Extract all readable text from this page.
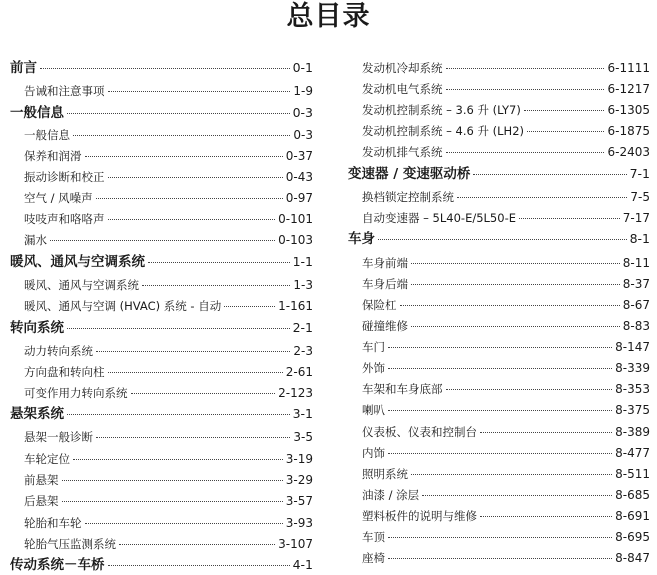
总目录
前言	0-1
告诫和注意事项	1-9
一般信息	0-3
一般信息	0-3
保养和润滑	0-37
振动诊断和校正	0-43
空气 / 风噪声	0-97
吱吱声和咯咯声	0-101
漏水	0-103
暖风、通风与空调系统	1-1
暖风、通风与空调系统	1-3
暖风、通风与空调 (HVAC) 系统 - 自动	1-161
转向系统	2-1
动力转向系统	2-3
方向盘和转向柱	2-61
可变作用力转向系统	2-123
悬架系统	3-1
悬架一般诊断	3-5
车轮定位	3-19
前悬架	3-29
后悬架	3-57
轮胎和车轮	3-93
轮胎气压监测系统	3-107
传动系统－车桥	4-1
发动机冷却系统	6-1111
发动机电气系统	6-1217
发动机控制系统 – 3.6 升 (LY7)	6-1305
发动机控制系统 – 4.6 升 (LH2)	6-1875
发动机排气系统	6-2403
变速器 / 变速驱动桥	7-1
换档锁定控制系统	7-5
自动变速器 – 5L40-E/5L50-E	7-17
车身	8-1
车身前端	8-11
车身后端	8-37
保险杠	8-67
碰撞维修	8-83
车门	8-147
外饰	8-339
车架和车身底部	8-353
喇叭	8-375
仪表板、仪表和控制台	8-389
内饰	8-477
照明系统	8-511
油漆 / 涂层	8-685
塑料板件的说明与维修	8-691
车顶	8-695
座椅	8-847
